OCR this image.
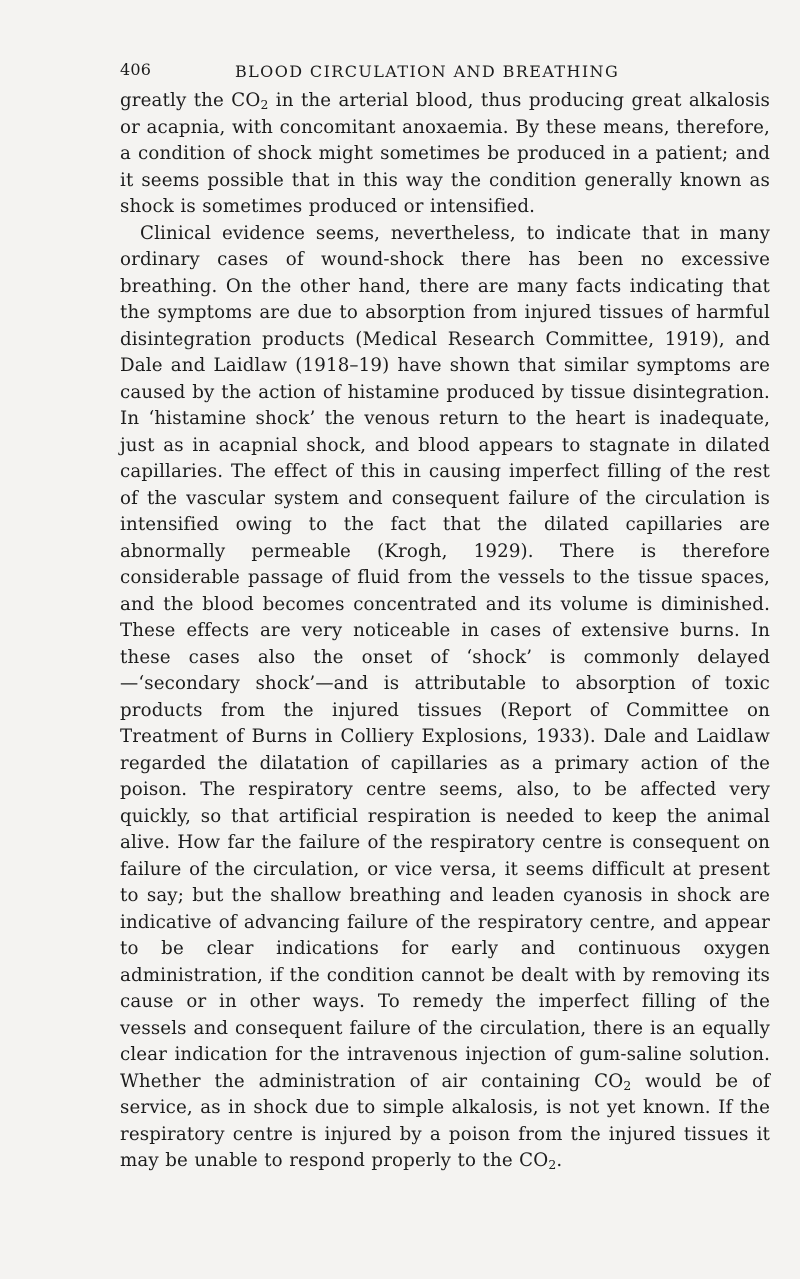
406	BLOOD CIRCULATION AND BREATHING

greatly the $CO_2$ in the arterial blood, thus producing great alkalosis or acapnia, with concomitant anoxaemia. By these means, therefore, a condition of shock might sometimes be produced in a patient; and it seems possible that in this way the condition generally known as shock is sometimes produced or intensified.

Clinical evidence seems, nevertheless, to indicate that in many ordinary cases of wound-shock there has been no excessive breathing. On the other hand, there are many facts indicating that the symptoms are due to absorption from injured tissues of harmful disintegration products (Medical Research Committee, 1919), and Dale and Laidlaw (1918–19) have shown that similar symptoms are caused by the action of histamine produced by tissue disintegration. In ‘histamine shock’ the venous return to the heart is inadequate, just as in acapnial shock, and blood appears to stagnate in dilated capillaries. The effect of this in causing imperfect filling of the rest of the vascular system and consequent failure of the circulation is intensified owing to the fact that the dilated capillaries are abnormally permeable (Krogh, 1929). There is therefore considerable passage of fluid from the vessels to the tissue spaces, and the blood becomes concentrated and its volume is diminished. These effects are very noticeable in cases of extensive burns. In these cases also the onset of ‘shock’ is commonly delayed—‘secondary shock’—and is attributable to absorption of toxic products from the injured tissues (Report of Committee on Treatment of Burns in Colliery Explosions, 1933). Dale and Laidlaw regarded the dilatation of capillaries as a primary action of the poison. The respiratory centre seems, also, to be affected very quickly, so that artificial respiration is needed to keep the animal alive. How far the failure of the respiratory centre is consequent on failure of the circulation, or vice versa, it seems difficult at present to say; but the shallow breathing and leaden cyanosis in shock are indicative of advancing failure of the respiratory centre, and appear to be clear indications for early and continuous oxygen administration, if the condition cannot be dealt with by removing its cause or in other ways. To remedy the imperfect filling of the vessels and consequent failure of the circulation, there is an equally clear indication for the intravenous injection of gum-saline solution. Whether the administration of air containing $CO_2$ would be of service, as in shock due to simple alkalosis, is not yet known. If the respiratory centre is injured by a poison from the injured tissues it may be unable to respond properly to the $CO_2$.
